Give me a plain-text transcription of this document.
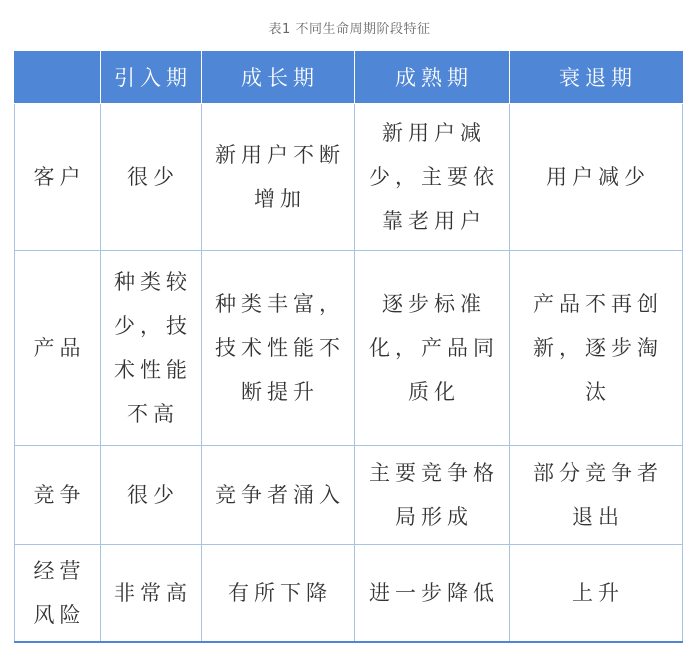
表1 不同生命周期阶段特征
	引入期	成长期	成熟期	衰退期
客户	很少	新用户不断增加	新用户减少，主要依靠老用户	用户减少
产品	种类较少，技术性能不高	种类丰富，技术性能不断提升	逐步标准化，产品同质化	产品不再创新，逐步淘汰
竞争	很少	竞争者涌入	主要竞争格局形成	部分竞争者退出
经营风险	非常高	有所下降	进一步降低	上升
